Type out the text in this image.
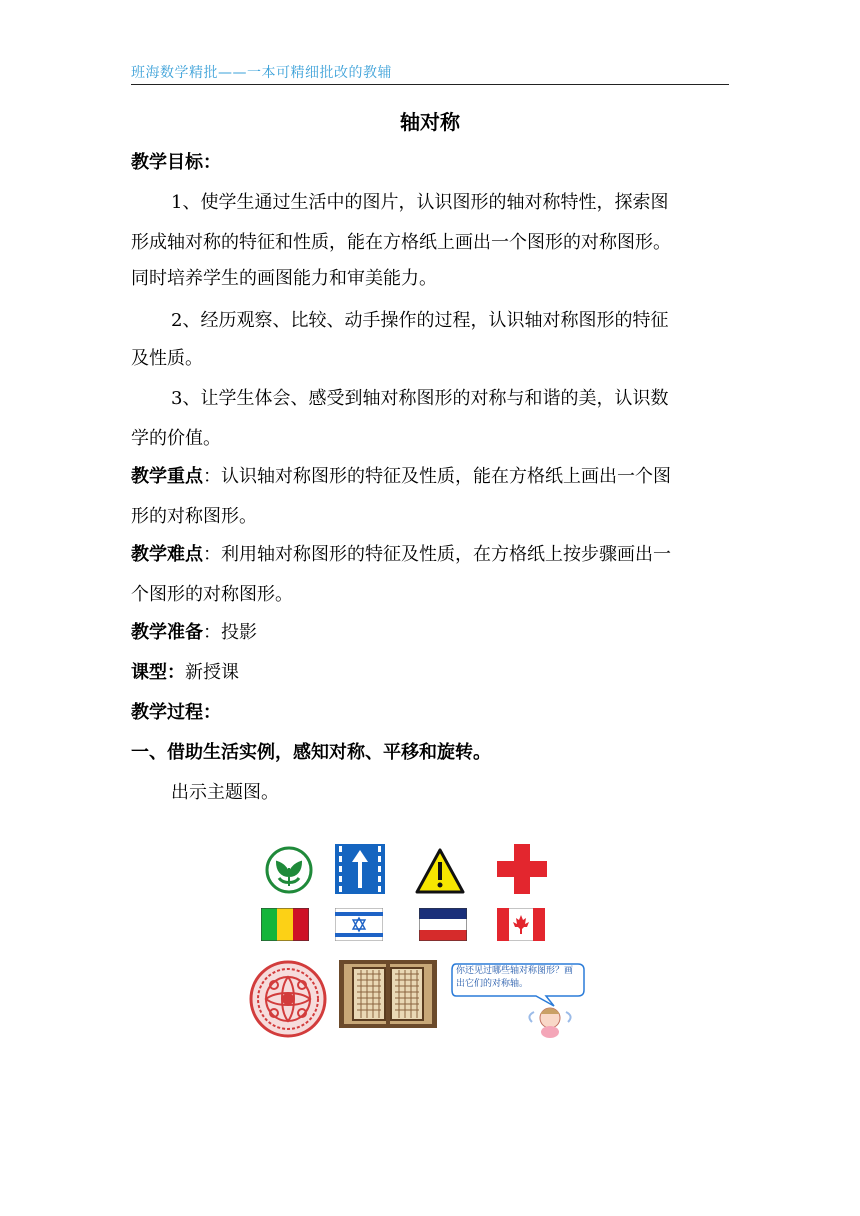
班海数学精批——一本可精细批改的教辅
轴对称
教学目标：
1、使学生通过生活中的图片，认识图形的轴对称特性，探索图
形成轴对称的特征和性质，能在方格纸上画出一个图形的对称图形。
同时培养学生的画图能力和审美能力。
2、经历观察、比较、动手操作的过程，认识轴对称图形的特征
及性质。
3、让学生体会、感受到轴对称图形的对称与和谐的美，认识数
学的价值。
教学重点：认识轴对称图形的特征及性质，能在方格纸上画出一个图
形的对称图形。
教学难点：利用轴对称图形的特征及性质，在方格纸上按步骤画出一
个图形的对称图形。
教学准备：投影
课型：新授课
教学过程：
一、借助生活实例，感知对称、平移和旋转。
出示主题图。
你还见过哪些轴对称图形？画出它们的对称轴。
